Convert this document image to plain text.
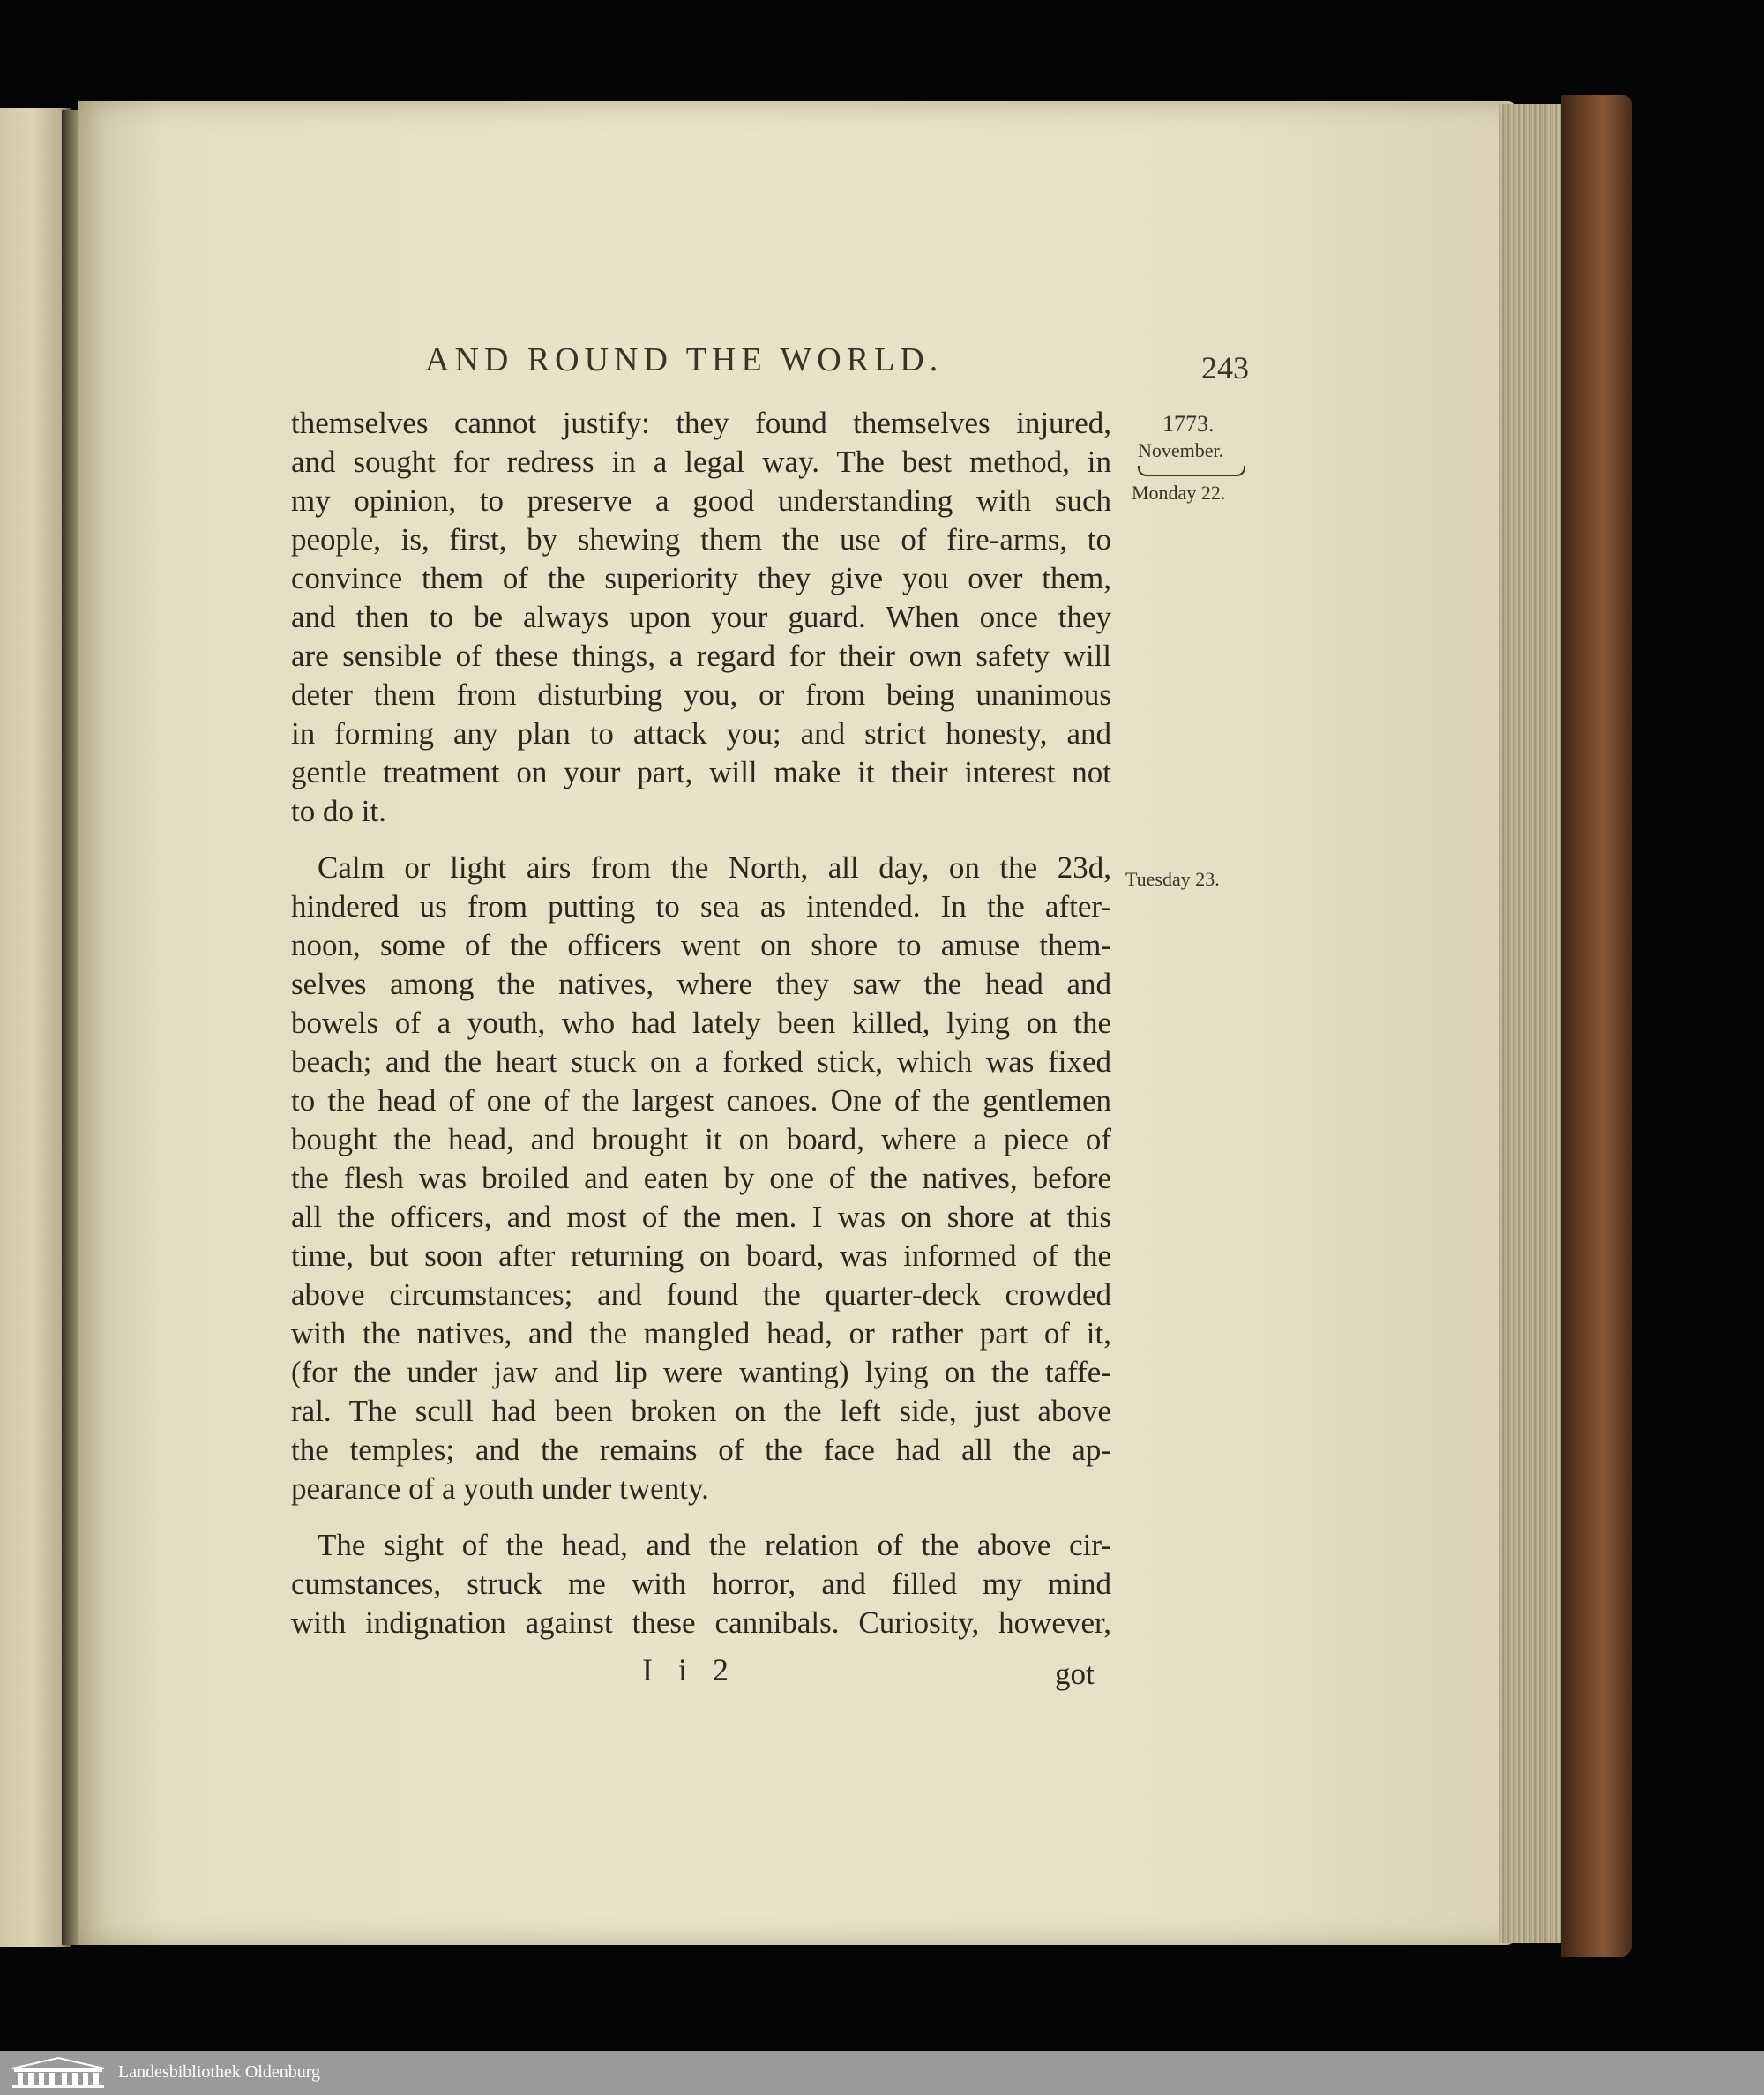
AND ROUND THE WORLD.	243
1773.
November.
Monday 22.
Tuesday 23.
themselves cannot justify: they found themselves injured,
and sought for redress in a legal way. The best method, in
my opinion, to preserve a good understanding with such
people, is, first, by shewing them the use of fire-arms, to
convince them of the superiority they give you over them,
and then to be always upon your guard. When once they
are sensible of these things, a regard for their own safety will
deter them from disturbing you, or from being unanimous
in forming any plan to attack you; and strict honesty, and
gentle treatment on your part, will make it their interest not
to do it.
Calm or light airs from the North, all day, on the 23d,
hindered us from putting to sea as intended. In the after-
noon, some of the officers went on shore to amuse them-
selves among the natives, where they saw the head and
bowels of a youth, who had lately been killed, lying on the
beach; and the heart stuck on a forked stick, which was fixed
to the head of one of the largest canoes. One of the gentlemen
bought the head, and brought it on board, where a piece of
the flesh was broiled and eaten by one of the natives, before
all the officers, and most of the men. I was on shore at this
time, but soon after returning on board, was informed of the
above circumstances; and found the quarter-deck crowded
with the natives, and the mangled head, or rather part of it,
(for the under jaw and lip were wanting) lying on the taffe-
ral. The scull had been broken on the left side, just above
the temples; and the remains of the face had all the ap-
pearance of a youth under twenty.
The sight of the head, and the relation of the above cir-
cumstances, struck me with horror, and filled my mind
with indignation against these cannibals. Curiosity, however,
I i 2	got
Landesbibliothek Oldenburg
